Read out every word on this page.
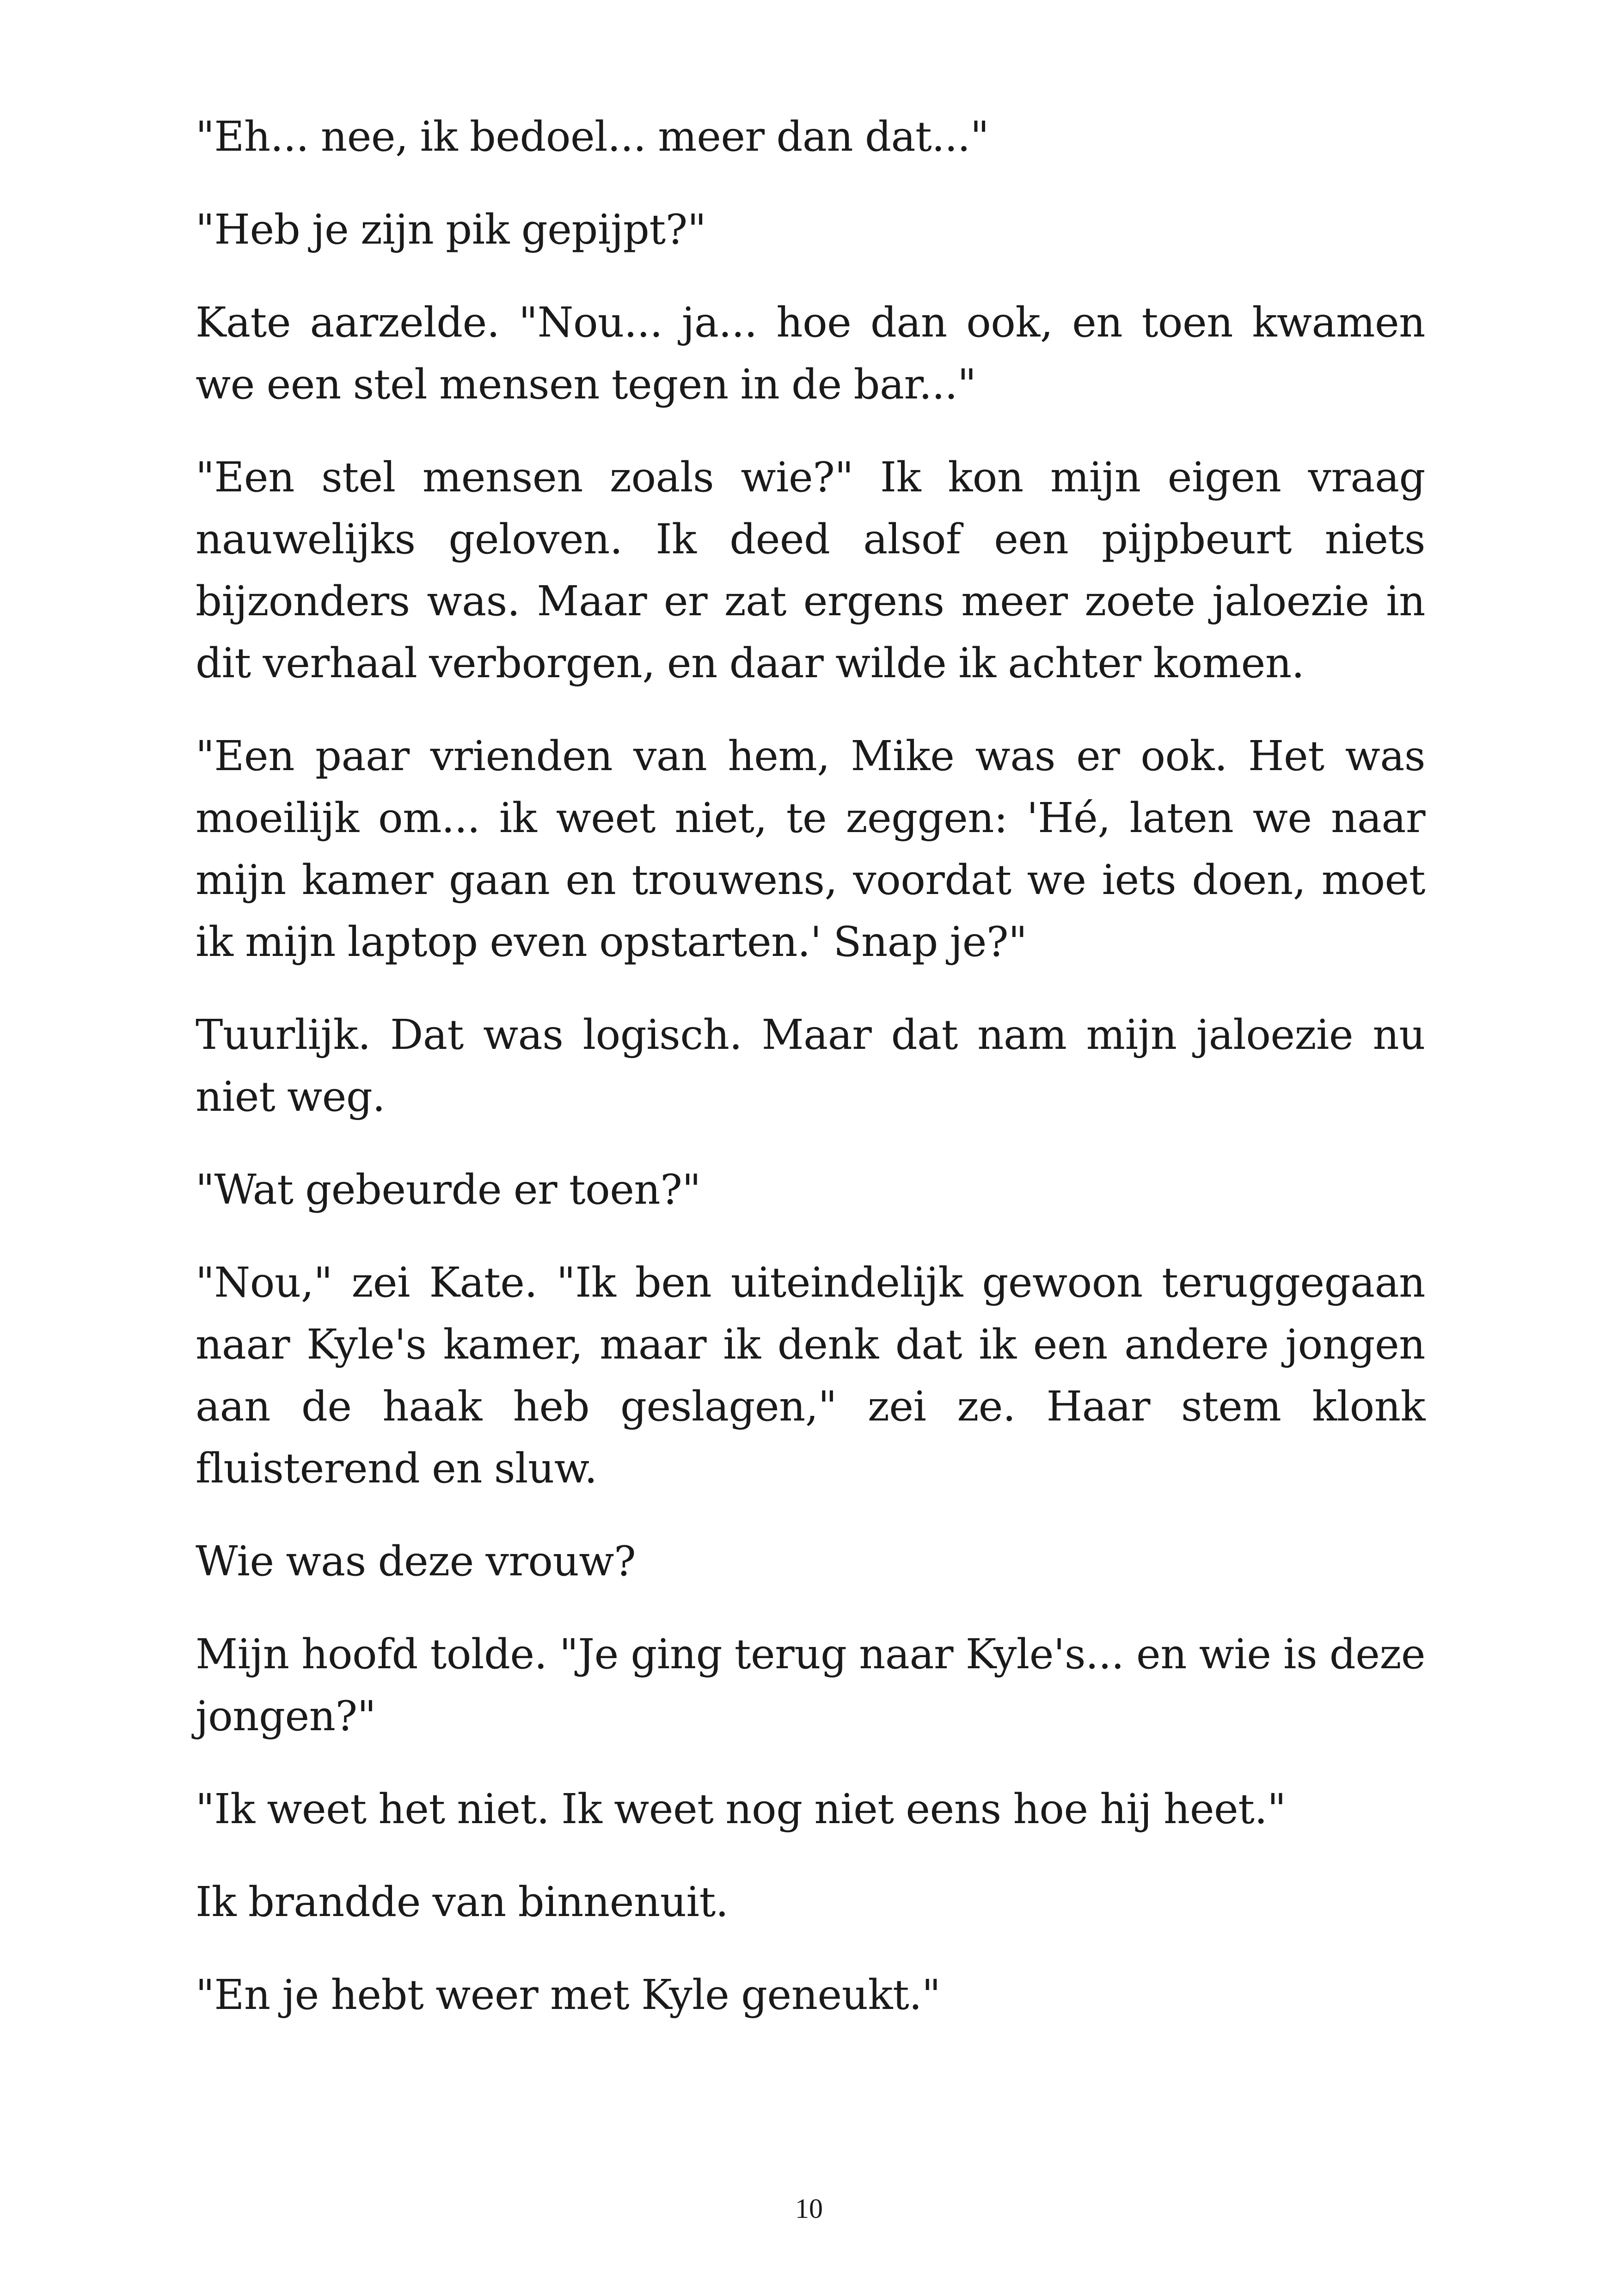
"Eh... nee, ik bedoel... meer dan dat..."

"Heb je zijn pik gepijpt?"

Kate aarzelde. "Nou... ja... hoe dan ook, en toen kwamen we een stel mensen tegen in de bar..."

"Een stel mensen zoals wie?" Ik kon mijn eigen vraag nauwelijks geloven. Ik deed alsof een pijpbeurt niets bijzonders was. Maar er zat ergens meer zoete jaloezie in dit verhaal verborgen, en daar wilde ik achter komen.

"Een paar vrienden van hem, Mike was er ook. Het was moeilijk om... ik weet niet, te zeggen: 'Hé, laten we naar mijn kamer gaan en trouwens, voordat we iets doen, moet ik mijn laptop even opstarten.' Snap je?"

Tuurlijk. Dat was logisch. Maar dat nam mijn jaloezie nu niet weg.

"Wat gebeurde er toen?"

"Nou," zei Kate. "Ik ben uiteindelijk gewoon teruggegaan naar Kyle's kamer, maar ik denk dat ik een andere jongen aan de haak heb geslagen," zei ze. Haar stem klonk fluisterend en sluw.

Wie was deze vrouw?

Mijn hoofd tolde. "Je ging terug naar Kyle's... en wie is deze jongen?"

"Ik weet het niet. Ik weet nog niet eens hoe hij heet."

Ik brandde van binnenuit.

"En je hebt weer met Kyle geneukt."

10
